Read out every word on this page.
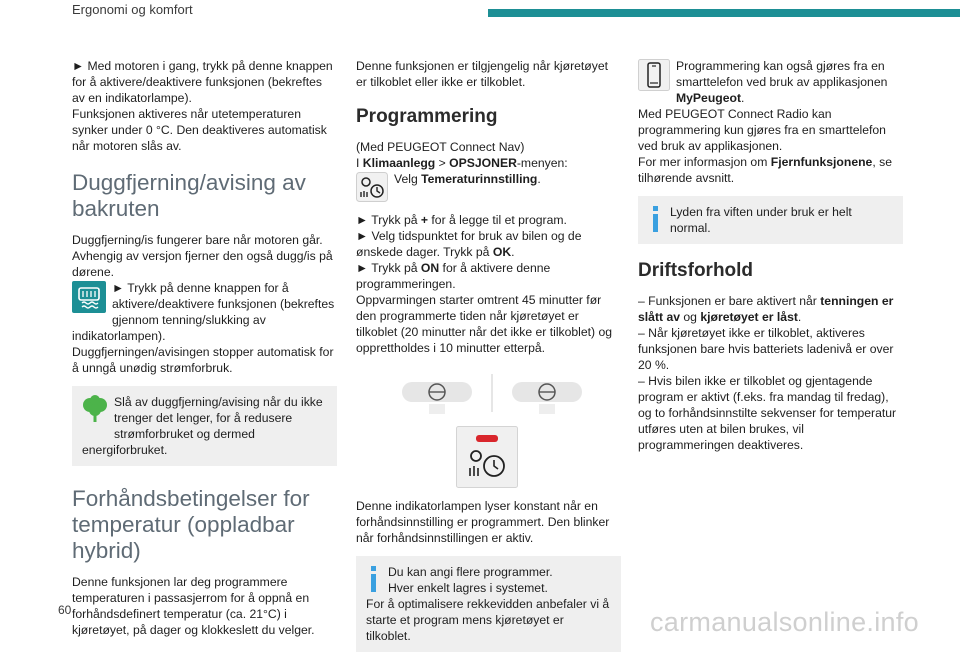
Ergonomi og komfort

► Med motoren i gang, trykk på denne knappen for å aktivere/deaktivere funksjonen (bekreftes av en indikatorlampe).

Funksjonen aktiveres når utetemperaturen synker under 0 °C. Den deaktiveres automatisk når motoren slås av.

Duggfjerning/avising av bakruten

Duggfjerning/is fungerer bare når motoren går. Avhengig av versjon fjerner den også dugg/is på dørene.

► Trykk på denne knappen for å aktivere/deaktivere funksjonen (bekreftes gjennom tenning/slukking av indikatorlampen).

Duggfjerningen/avisingen stopper automatisk for å unngå unødig strømforbruk.

Slå av duggfjerning/avising når du ikke trenger det lenger, for å redusere strømforbruket og dermed energiforbruket.

Forhåndsbetingelser for temperatur (oppladbar hybrid)

Denne funksjonen lar deg programmere temperaturen i passasjerrom for å oppnå en forhåndsdefinert temperatur (ca. 21°C) i kjøretøyet, på dager og klokkeslett du velger.

Denne funksjonen er tilgjengelig når kjøretøyet er tilkoblet eller ikke er tilkoblet.

Programmering

(Med PEUGEOT Connect Nav)

I Klimaanlegg > OPSJONER-menyen:

Velg Temeraturinnstilling.

► Trykk på + for å legge til et program.

► Velg tidspunktet for bruk av bilen og de ønskede dager. Trykk på OK.

► Trykk på ON for å aktivere denne programmeringen.

Oppvarmingen starter omtrent 45 minutter før den programmerte tiden når kjøretøyet er tilkoblet (20 minutter når det ikke er tilkoblet) og opprettholdes i 10 minutter etterpå.

Denne indikatorlampen lyser konstant når en forhåndsinnstilling er programmert. Den blinker når forhåndsinnstillingen er aktiv.

Du kan angi flere programmer.

Hver enkelt lagres i systemet.

For å optimalisere rekkevidden anbefaler vi å starte et program mens kjøretøyet er tilkoblet.

Programmering kan også gjøres fra en smarttelefon ved bruk av applikasjonen MyPeugeot.

Med PEUGEOT Connect Radio kan programmering kun gjøres fra en smarttelefon ved bruk av applikasjonen.

For mer informasjon om Fjernfunksjonene, se tilhørende avsnitt.

Lyden fra viften under bruk er helt normal.

Driftsforhold

– Funksjonen er bare aktivert når tenningen er slått av og kjøretøyet er låst.

– Når kjøretøyet ikke er tilkoblet, aktiveres funksjonen bare hvis batteriets ladenivå er over 20 %.

– Hvis bilen ikke er tilkoblet og gjentagende program er aktivt (f.eks. fra mandag til fredag), og to forhåndsinnstilte sekvenser for temperatur utføres uten at bilen brukes, vil programmeringen deaktiveres.

60	carmanualsonline.info
